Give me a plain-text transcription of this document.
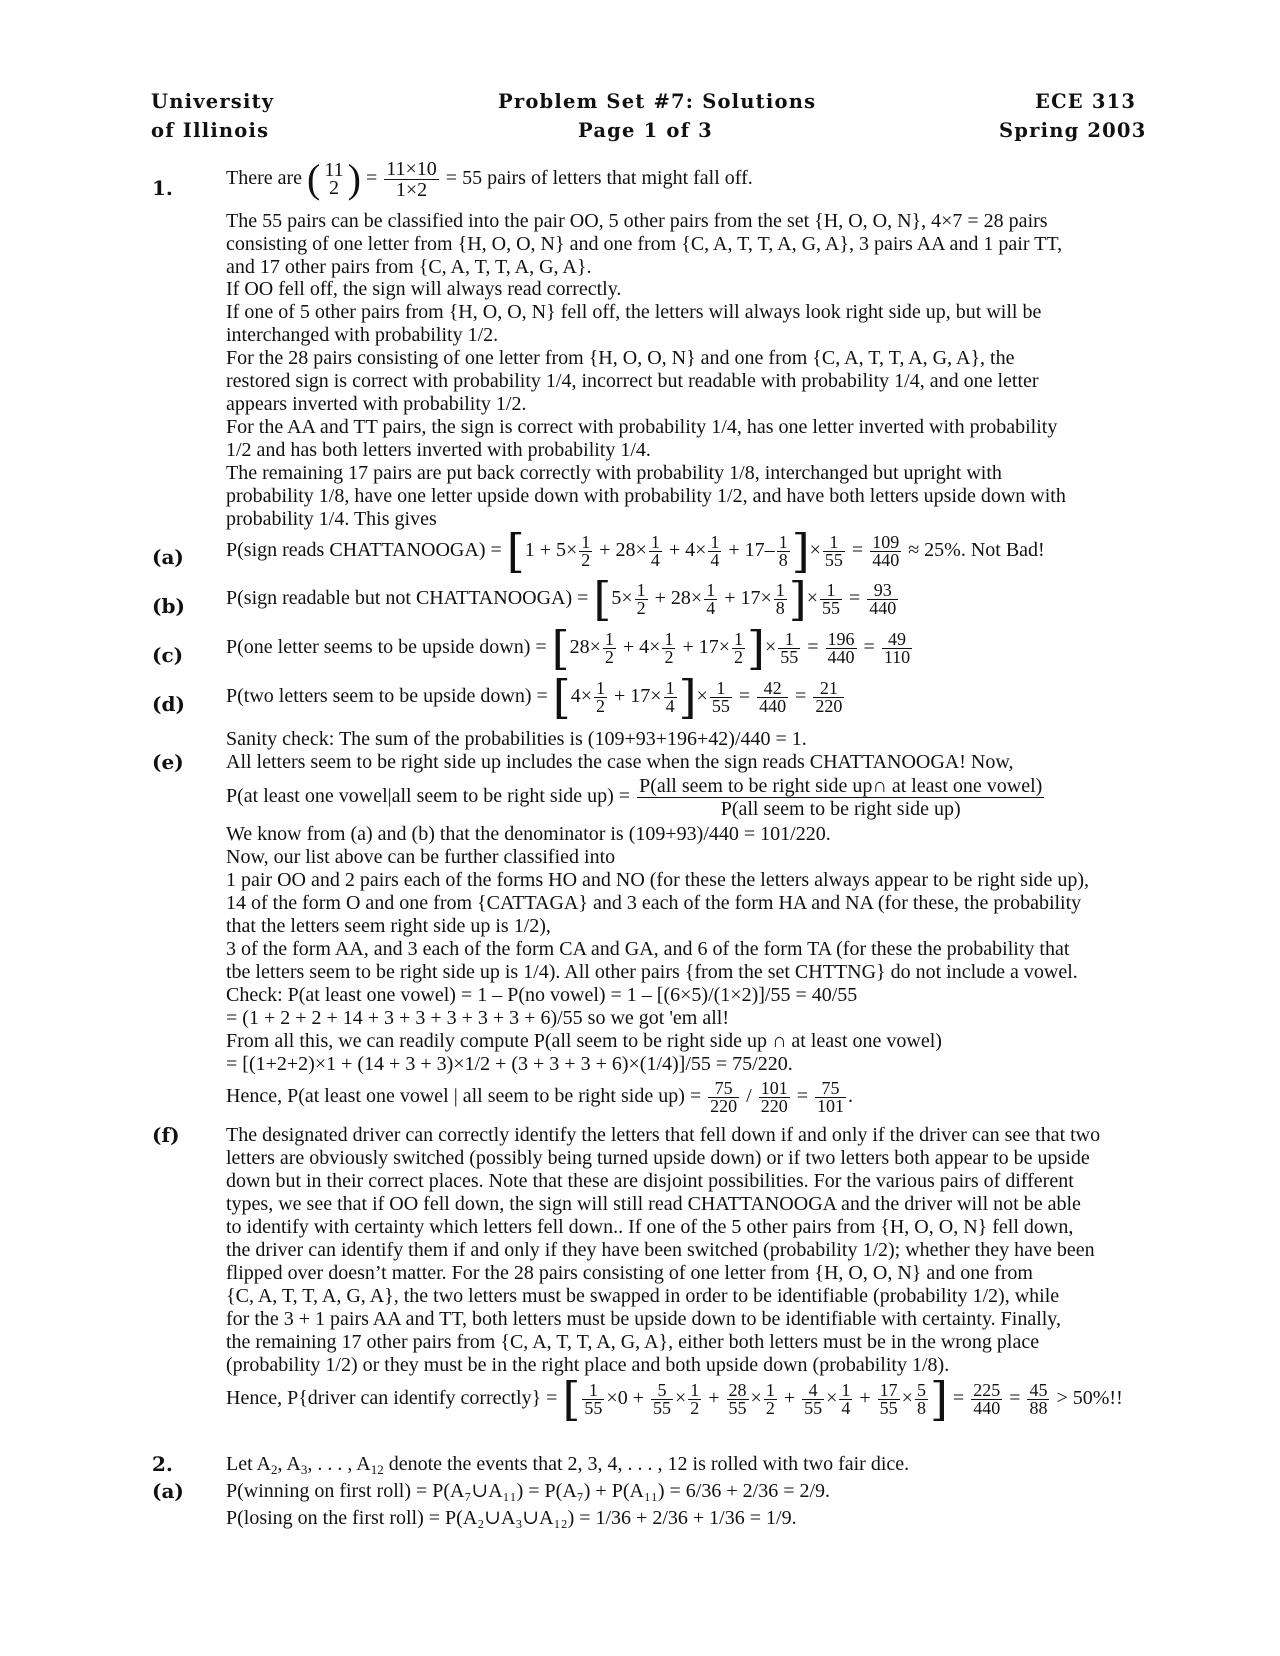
University
of Illinois
Problem Set #7: Solutions
Page 1 of 3
ECE 313
Spring 2003
1.	There are ( 11
2 ) = $\frac{11\times 10}{1\times 2} = 55$ pairs of letters that might fall off.
The 55 pairs can be classified into the pair OO, 5 other pairs from the set {H, O, O, N}, 4×7 = 28 pairs
consisting of one letter from {H, O, O, N} and one from {C, A, T, T, A, G, A}, 3 pairs AA and 1 pair TT,
and 17 other pairs from {C, A, T, T, A, G, A}.
If OO fell off, the sign will always read correctly.
If one of 5 other pairs from {H, O, O, N} fell off, the letters will always look right side up, but will be
interchanged with probability 1/2.
For the 28 pairs consisting of one letter from {H, O, O, N} and one from {C, A, T, T, A, G, A}, the
restored sign is correct with probability 1/4, incorrect but readable with probability 1/4, and one letter
appears inverted with probability 1/2.
For the AA and TT pairs, the sign is correct with probability 1/4, has one letter inverted with probability
1/2 and has both letters inverted with probability 1/4.
The remaining 17 pairs are put back correctly with probability 1/8, interchanged but upright with
probability 1/8, have one letter upside down with probability 1/2, and have both letters upside down with
probability 1/4. This gives
(a) P(sign reads CHATTANOOGA) = [$1 + 5\times \frac{1}{2} + 28\times \frac{1}{4} + 4\times \frac{1}{4} + 17- \frac{1}{8}$ ]× $\frac{1}{55} = \frac{109}{440} \approx 25\%$. Not Bad!
(b) P(sign readable but not CHATTANOOGA) = [$5\times \frac{1}{2} + 28\times \frac{1}{4} + 17\times \frac{1}{8}$ ]× $\frac{1}{55} = \frac{93}{440}$
(c) P(one letter seems to be upside down) = [$28\times \frac{1}{2} + 4\times \frac{1}{2} + 17\times \frac{1}{2}$ ]× $\frac{1}{55} = \frac{196}{440} = \frac{49}{110}$
(d) P(two letters seem to be upside down) = [$4\times \frac{1}{2} + 17\times \frac{1}{4}$ ]× $\frac{1}{55} = \frac{42}{440} = \frac{21}{220}$
Sanity check: The sum of the probabilities is (109+93+196+42)/440 = 1.
(e) All letters seem to be right side up includes the case when the sign reads CHATTANOOGA! Now,
P(at least one vowel|all seem to be right side $up) = \frac{\text{P(all seem to be right side up∩ at least one vowel)}}{\text{P(all seem to be right side up)}}$
We know from (a) and (b) that the denominator is (109+93)/440 = 101/220.
Now, our list above can be further classified into
1 pair OO and 2 pairs each of the forms HO and NO (for these the letters always appear to be right side up),
14 of the form O and one from {CATTAGA} and 3 each of the form HA and NA (for these, the probability
that the letters seem right side up is 1/2),
3 of the form AA, and 3 each of the form CA and GA, and 6 of the form TA (for these the probability that
tbe letters seem to be right side up is 1/4). All other pairs {from the set CHTTNG} do not include a vowel.
Check: P(at least one vowel) = 1 – P(no vowel) = 1 – [(6×5)/(1×2)]/55 = 40/55
= (1 + 2 + 2 + 14 + 3 + 3 + 3 + 3 + 3 + 6)/55 so we got 'em all!
From all this, we can readily compute P(all seem to be right side up ∩ at least one vowel)
= [(1+2+2)×1 + (14 + 3 + 3)×1/2 + (3 + 3 + 3 + 6)×(1/4)]/55 = 75/220.
Hence, P(at least one vowel | all seem to be right side $up) = \frac{75}{220} / \frac{101}{220} = \frac{75}{101}$ .
(f) The designated driver can correctly identify the letters that fell down if and only if the driver can see that two
letters are obviously switched (possibly being turned upside down) or if two letters both appear to be upside
down but in their correct places. Note that these are disjoint possibilities. For the various pairs of different
types, we see that if OO fell down, the sign will still read CHATTANOOGA and the driver will not be able
to identify with certainty which letters fell down.. If one of the 5 other pairs from {H, O, O, N} fell down,
the driver can identify them if and only if they have been switched (probability 1/2); whether they have been
flipped over doesn’t matter. For the 28 pairs consisting of one letter from {H, O, O, N} and one from
{C, A, T, T, A, G, A}, the two letters must be swapped in order to be identifiable (probability 1/2), while
for the 3 + 1 pairs AA and TT, both letters must be upside down to be identifiable with certainty. Finally,
the remaining 17 other pairs from {C, A, T, T, A, G, A}, either both letters must be in the wrong place
(probability 1/2) or they must be in the right place and both upside down (probability 1/8).
Hence, P{driver can identify correctly} = [ $\frac{1}{55} \times 0 + \frac{5}{55} \times \frac{1}{2} + \frac{28}{55} \times \frac{1}{2} + \frac{4}{55} \times \frac{1}{4} + \frac{17}{55} \times \frac{5}{8}$ ] = $\frac{225}{440} = \frac{45}{88} > 50\%$!!
2.	Let $A_2$, $A_3$, . . . , $A_{12}$ denote the events that 2, 3, 4, . . . , 12 is rolled with two fair dice.
(a) P(winning on first roll) = P(A₇∪A₁₁) = P(A₇) + P(A₁₁) = 6/36 + 2/36 = 2/9.
P(losing on the first roll) = P(A₂∪A₃∪A₁₂) = 1/36 + 2/36 + 1/36 = 1/9.
